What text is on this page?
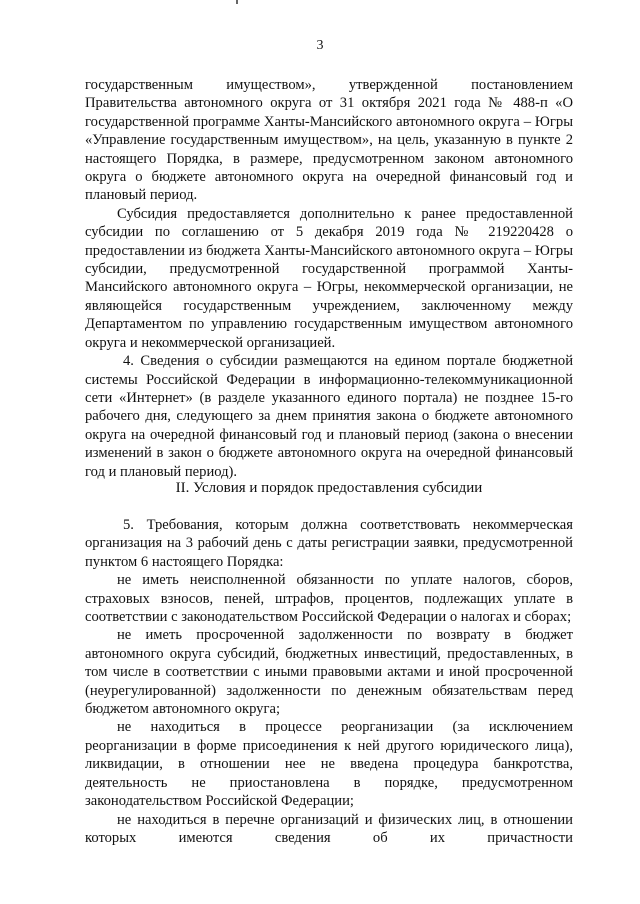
3

государственным имуществом», утвержденной постановлением Правительства автономного округа от 31 октября 2021 года № 488-п «О государственной программе Ханты-Мансийского автономного округа – Югры «Управление государственным имуществом», на цель, указанную в пункте 2 настоящего Порядка, в размере, предусмотренном законом автономного округа о бюджете автономного округа на очередной финансовый год и плановый период.

Субсидия предоставляется дополнительно к ранее предоставленной субсидии по соглашению от 5 декабря 2019 года № 219220428 о предоставлении из бюджета Ханты-Мансийского автономного округа – Югры субсидии, предусмотренной государственной программой Ханты-Мансийского автономного округа – Югры, некоммерческой организации, не являющейся государственным учреждением, заключенному между Департаментом по управлению государственным имуществом автономного округа и некоммерческой организацией.

4. Сведения о субсидии размещаются на едином портале бюджетной системы Российской Федерации в информационно-телекоммуникационной сети «Интернет» (в разделе указанного единого портала) не позднее 15-го рабочего дня, следующего за днем принятия закона о бюджете автономного округа на очередной финансовый год и плановый период (закона о внесении изменений в закон о бюджете автономного округа на очередной финансовый год и плановый период).

II. Условия и порядок предоставления субсидии

5. Требования, которым должна соответствовать некоммерческая организация на 3 рабочий день с даты регистрации заявки, предусмотренной пунктом 6 настоящего Порядка:

не иметь неисполненной обязанности по уплате налогов, сборов, страховых взносов, пеней, штрафов, процентов, подлежащих уплате в соответствии с законодательством Российской Федерации о налогах и сборах;

не иметь просроченной задолженности по возврату в бюджет автономного округа субсидий, бюджетных инвестиций, предоставленных, в том числе в соответствии с иными правовыми актами и иной просроченной (неурегулированной) задолженности по денежным обязательствам перед бюджетом автономного округа;

не находиться в процессе реорганизации (за исключением реорганизации в форме присоединения к ней другого юридического лица), ликвидации, в отношении нее не введена процедура банкротства, деятельность не приостановлена в порядке, предусмотренном законодательством Российской Федерации;

не находиться в перечне организаций и физических лиц, в отношении которых имеются сведения об их причастности
